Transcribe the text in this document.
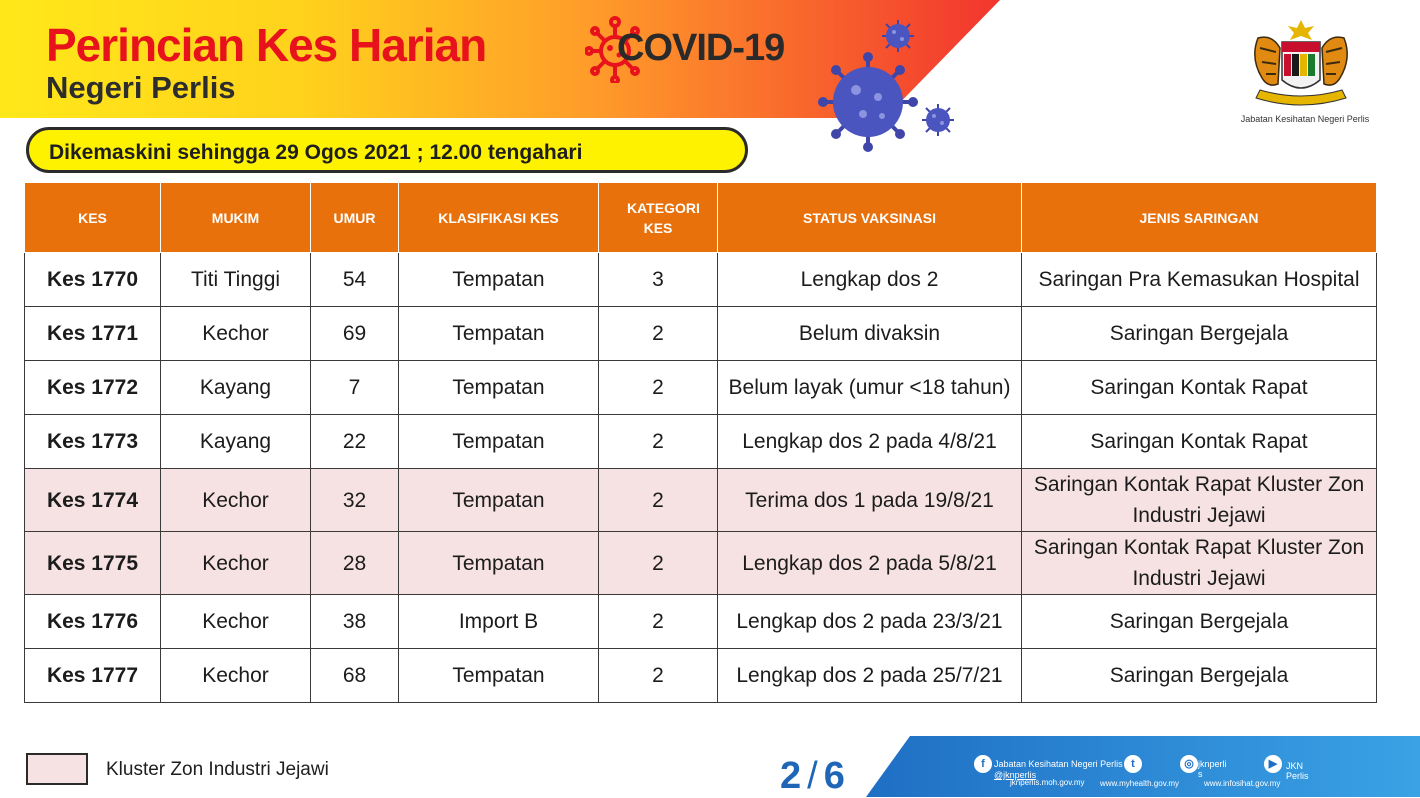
Perincian Kes Harian	COVID-19
Negeri Perlis
Jabatan Kesihatan Negeri Perlis
Dikemaskini sehingga 29 Ogos 2021 ; 12.00 tengahari
KES	MUKIM	UMUR	KLASIFIKASI KES	KATEGORI KES	STATUS VAKSINASI	JENIS SARINGAN
Kes 1770	Titi Tinggi	54	Tempatan	3	Lengkap dos 2	Saringan Pra Kemasukan Hospital
Kes 1771	Kechor	69	Tempatan	2	Belum divaksin	Saringan Bergejala
Kes 1772	Kayang	7	Tempatan	2	Belum layak (umur <18 tahun)	Saringan Kontak Rapat
Kes 1773	Kayang	22	Tempatan	2	Lengkap dos 2 pada 4/8/21	Saringan Kontak Rapat
Kes 1774	Kechor	32	Tempatan	2	Terima dos 1 pada 19/8/21	Saringan Kontak Rapat Kluster Zon Industri Jejawi
Kes 1775	Kechor	28	Tempatan	2	Lengkap dos 2 pada 5/8/21	Saringan Kontak Rapat Kluster Zon Industri Jejawi
Kes 1776	Kechor	38	Import B	2	Lengkap dos 2 pada 23/3/21	Saringan Bergejala
Kes 1777	Kechor	68	Tempatan	2	Lengkap dos 2 pada 25/7/21	Saringan Bergejala
Kluster Zon Industri Jejawi	2 / 6	f	Jabatan Kesihatan Negeri Perlis t
@jknperlis
◎ jknperli
s
▶ JKN
Perlis
jknperlis.moh.gov.my www.myhealth.gov.my	www.infosihat.gov.my
